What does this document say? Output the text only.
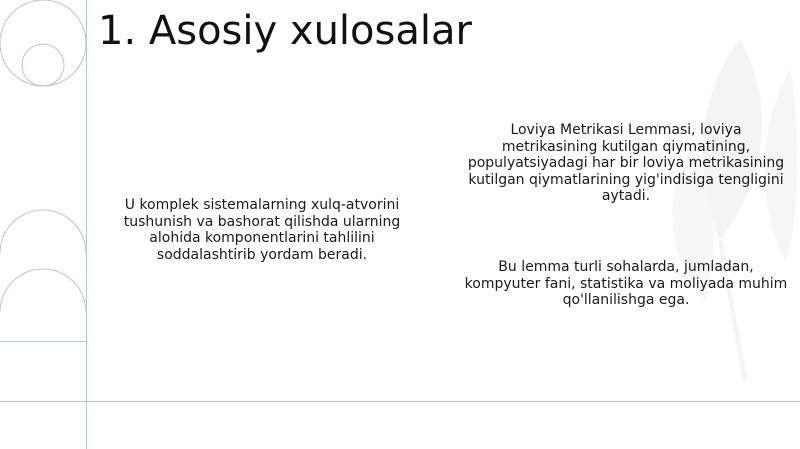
1. Asosiy xulosalar
U komplek sistemalarning xulq-atvorini tushunish va bashorat qilishda ularning alohida komponentlarini tahlilini soddalashtirib yordam beradi.
Loviya Metrikasi Lemmasi, loviya metrikasining kutilgan qiymatining, populyatsiyadagi har bir loviya metrikasining kutilgan qiymatlarining yig'indisiga tengligini aytadi.
Bu lemma turli sohalarda, jumladan, kompyuter fani, statistika va moliyada muhim qo'llanilishga ega.
